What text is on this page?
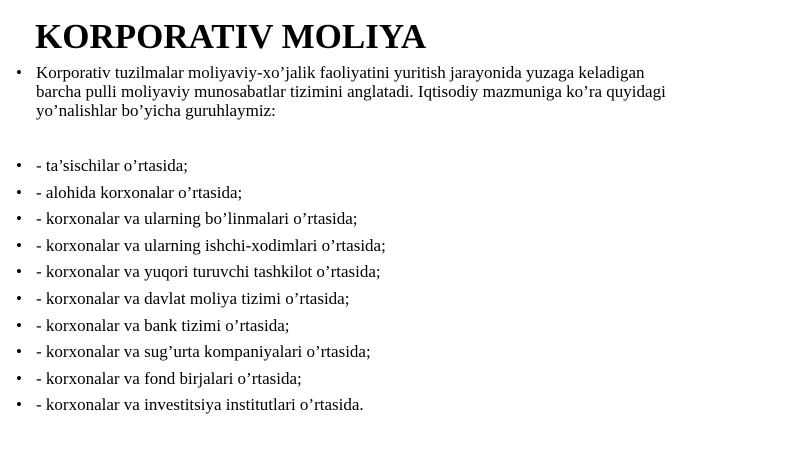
KORPORATIV MOLIYA
• Korporativ tuzilmalar moliyaviy-xo’jalik faoliyatini yuritish jarayonida yuzaga keladigan
barcha pulli moliyaviy munosabatlar tizimini anglatadi. Iqtisodiy mazmuniga ko’ra quyidagi
yo’nalishlar bo’yicha guruhlaymiz:

• - ta’sischilar o’rtasida;
• - alohida korxonalar o’rtasida;
• - korxonalar va ularning bo’linmalari o’rtasida;
• - korxonalar va ularning ishchi-xodimlari o’rtasida;
• - korxonalar va yuqori turuvchi tashkilot o’rtasida;
• - korxonalar va davlat moliya tizimi o’rtasida;
• - korxonalar va bank tizimi o’rtasida;
• - korxonalar va sug’urta kompaniyalari o’rtasida;
• - korxonalar va fond birjalari o’rtasida;
• - korxonalar va investitsiya institutlari o’rtasida.
